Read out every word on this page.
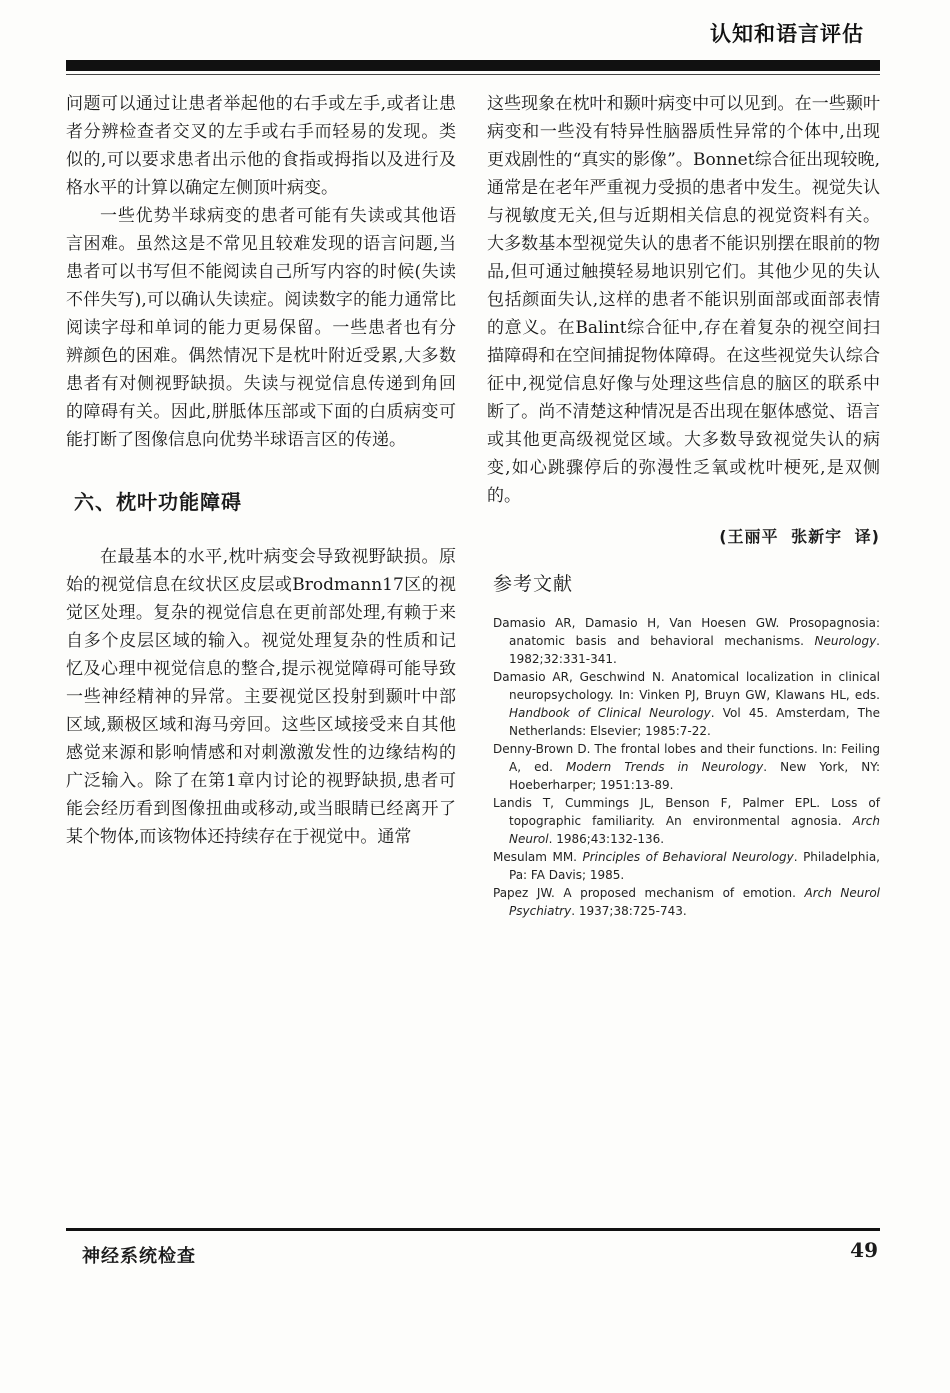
认知和语言评估

问题可以通过让患者举起他的右手或左手,或者让患者分辨检查者交叉的左手或右手而轻易的发现。类似的,可以要求患者出示他的食指或拇指以及进行及格水平的计算以确定左侧顶叶病变。

一些优势半球病变的患者可能有失读或其他语言困难。虽然这是不常见且较难发现的语言问题,当患者可以书写但不能阅读自己所写内容的时候(失读不伴失写),可以确认失读症。阅读数字的能力通常比阅读字母和单词的能力更易保留。一些患者也有分辨颜色的困难。偶然情况下是枕叶附近受累,大多数患者有对侧视野缺损。失读与视觉信息传递到角回的障碍有关。因此,胼胝体压部或下面的白质病变可能打断了图像信息向优势半球语言区的传递。

六、枕叶功能障碍

在最基本的水平,枕叶病变会导致视野缺损。原始的视觉信息在纹状区皮层或Brodmann17区的视觉区处理。复杂的视觉信息在更前部处理,有赖于来自多个皮层区域的输入。视觉处理复杂的性质和记忆及心理中视觉信息的整合,提示视觉障碍可能导致一些神经精神的异常。主要视觉区投射到颞叶中部区域,颞极区域和海马旁回。这些区域接受来自其他感觉来源和影响情感和对刺激激发性的边缘结构的广泛输入。除了在第1章内讨论的视野缺损,患者可能会经历看到图像扭曲或移动,或当眼睛已经离开了某个物体,而该物体还持续存在于视觉中。通常

这些现象在枕叶和颞叶病变中可以见到。在一些颞叶病变和一些没有特异性脑器质性异常的个体中,出现更戏剧性的“真实的影像”。Bonnet综合征出现较晚,通常是在老年严重视力受损的患者中发生。视觉失认与视敏度无关,但与近期相关信息的视觉资料有关。大多数基本型视觉失认的患者不能识别摆在眼前的物品,但可通过触摸轻易地识别它们。其他少见的失认包括颜面失认,这样的患者不能识别面部或面部表情的意义。在Balint综合征中,存在着复杂的视空间扫描障碍和在空间捕捉物体障碍。在这些视觉失认综合征中,视觉信息好像与处理这些信息的脑区的联系中断了。尚不清楚这种情况是否出现在躯体感觉、语言或其他更高级视觉区域。大多数导致视觉失认的病变,如心跳骤停后的弥漫性乏氧或枕叶梗死,是双侧的。

(王丽平 张新宇 译)

参考文献
Damasio AR, Damasio H, Van Hoesen GW. Prosopagnosia: anatomic basis and behavioral mechanisms. Neurology. 1982;32:331-341.
Damasio AR, Geschwind N. Anatomical localization in clinical neuropsychology. In: Vinken PJ, Bruyn GW, Klawans HL, eds. Handbook of Clinical Neurology. Vol 45. Amsterdam, The Netherlands: Elsevier; 1985:7-22.
Denny-Brown D. The frontal lobes and their functions. In: Feiling A, ed. Modern Trends in Neurology. New York, NY: Hoeberharper; 1951:13-89.
Landis T, Cummings JL, Benson F, Palmer EPL. Loss of topographic familiarity. An environmental agnosia. Arch Neurol. 1986;43:132-136.
Mesulam MM. Principles of Behavioral Neurology. Philadelphia, Pa: FA Davis; 1985.
Papez JW. A proposed mechanism of emotion. Arch Neurol Psychiatry. 1937;38:725-743.
神经系统检查	49
